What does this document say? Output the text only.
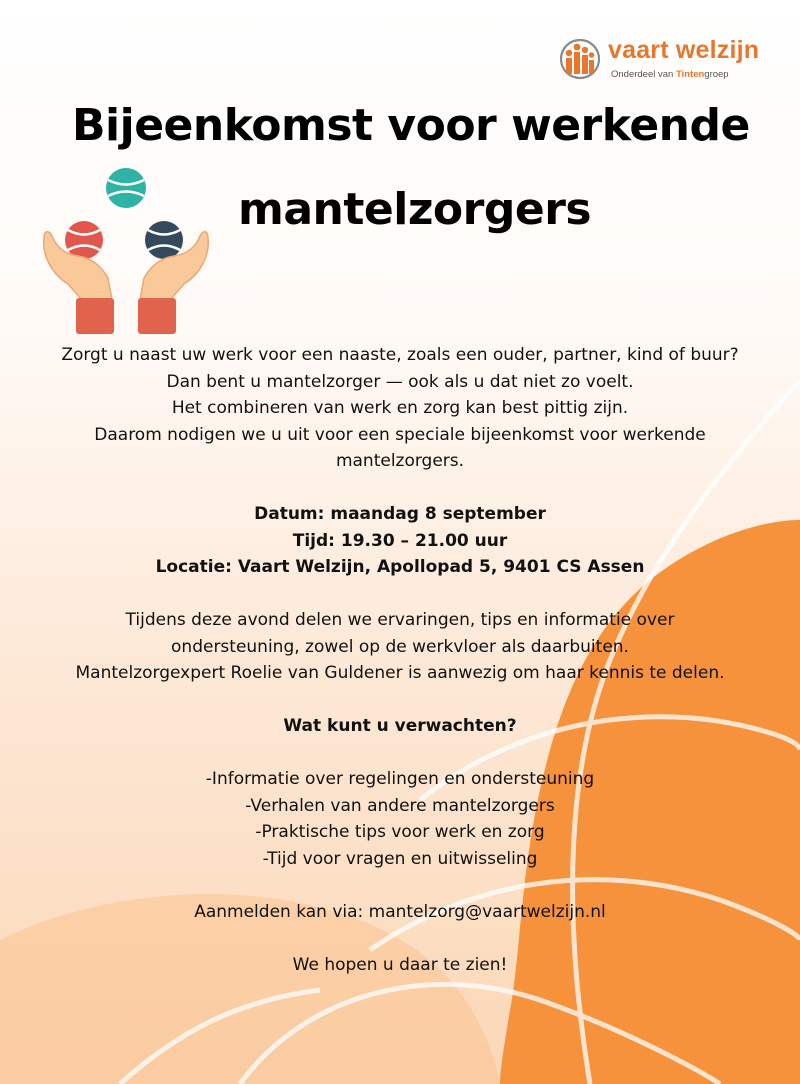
vaart welzijn
Onderdeel van Tintengroep
Bijeenkomst voor werkende
mantelzorgers

Zorgt u naast uw werk voor een naaste, zoals een ouder, partner, kind of buur?

Dan bent u mantelzorger — ook als u dat niet zo voelt.

Het combineren van werk en zorg kan best pittig zijn.

Daarom nodigen we u uit voor een speciale bijeenkomst voor werkende

mantelzorgers.

Datum: maandag 8 september

Tijd: 19.30 – 21.00 uur

Locatie: Vaart Welzijn, Apollopad 5, 9401 CS Assen

Tijdens deze avond delen we ervaringen, tips en informatie over

ondersteuning, zowel op de werkvloer als daarbuiten.

Mantelzorgexpert Roelie van Guldener is aanwezig om haar kennis te delen.

Wat kunt u verwachten?

-Informatie over regelingen en ondersteuning

-Verhalen van andere mantelzorgers

-Praktische tips voor werk en zorg

-Tijd voor vragen en uitwisseling

Aanmelden kan via: mantelzorg@vaartwelzijn.nl

We hopen u daar te zien!
